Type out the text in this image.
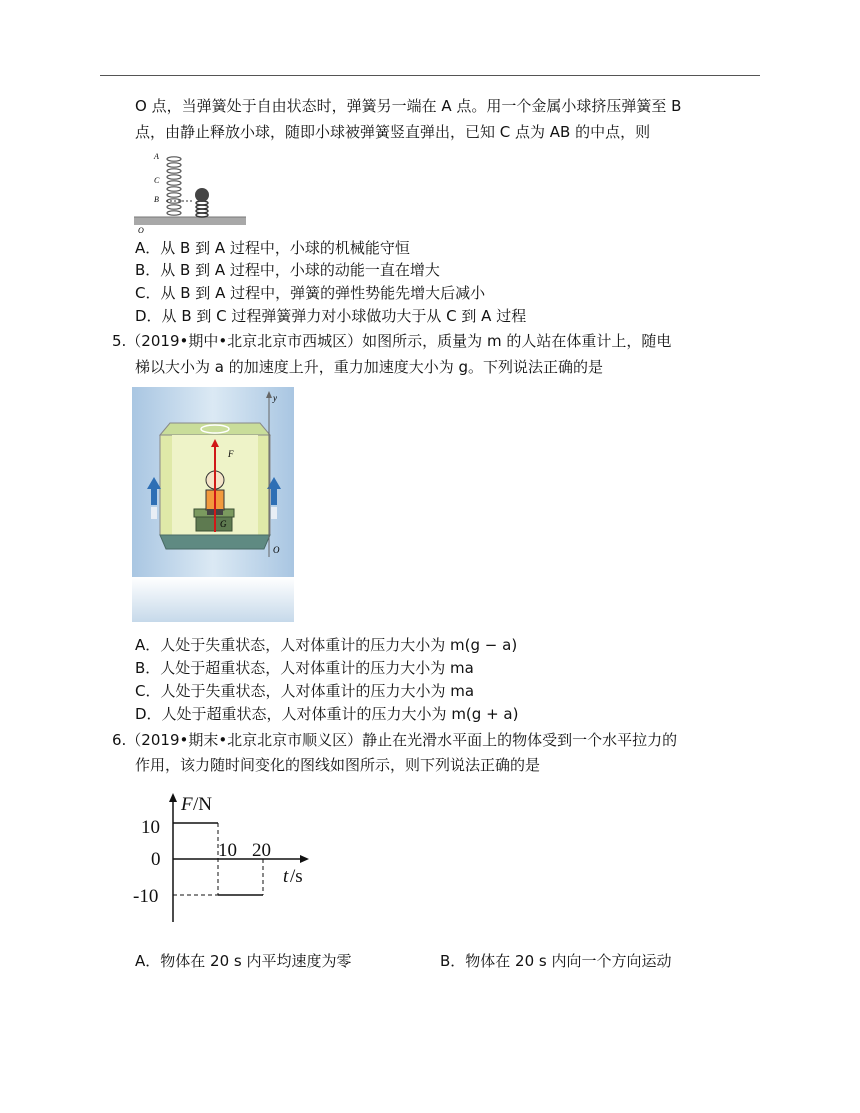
O 点，当弹簧处于自由状态时，弹簧另一端在 A 点。用一个金属小球挤压弹簧至 B
点，由静止释放小球，随即小球被弹簧竖直弹出，已知 C 点为 AB 的中点，则
A
C
B
O
A．从 B 到 A 过程中，小球的机械能守恒
B．从 B 到 A 过程中，小球的动能一直在增大
C．从 B 到 A 过程中，弹簧的弹性势能先增大后减小
D．从 B 到 C 过程弹簧弹力对小球做功大于从 C 到 A 过程
5.（2019•期中•北京北京市西城区）如图所示，质量为 m 的人站在体重计上，随电
梯以大小为 a 的加速度上升，重力加速度大小为 g。下列说法正确的是
F
G
y
O
A．人处于失重状态，人对体重计的压力大小为 m(g − a)
B．人处于超重状态，人对体重计的压力大小为 ma
C．人处于失重状态，人对体重计的压力大小为 ma
D．人处于超重状态，人对体重计的压力大小为 m(g + a)
6.（2019•期末•北京北京市顺义区）静止在光滑水平面上的物体受到一个水平拉力的
作用，该力随时间变化的图线如图所示，则下列说法正确的是
F /N
t /s
10
0
-10
10 20
A．物体在 20 s 内平均速度为零	B．物体在 20 s 内向一个方向运动
